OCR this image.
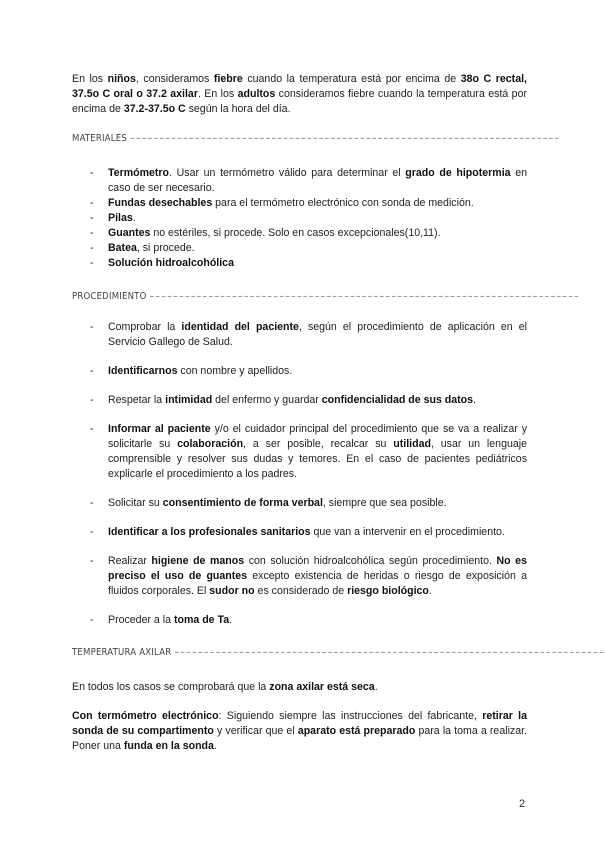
En los niños, consideramos fiebre cuando la temperatura está por encima de 38o C rectal, 37.5o C oral o 37.2 axilar. En los adultos consideramos fiebre cuando la temperatura está por encima de 37.2-37.5o C según la hora del día.

MATERIALES –––––––––––––––––––––––––––––––––––––––––––––––––––––––––––––––––––––––––
- Termómetro. Usar un termómetro válido para determinar el grado de hipotermia en caso de ser necesario.
- Fundas desechables para el termómetro electrónico con sonda de medición.
- Pilas.
- Guantes no estériles, si procede. Solo en casos excepcionales(10,11).
- Batea, si procede.
- Solución hidroalcohólica
PROCEDIMIENTO –––––––––––––––––––––––––––––––––––––––––––––––––––––––––––––––––––––––––
- Comprobar la identidad del paciente, según el procedimiento de aplicación en el Servicio Gallego de Salud.
- Identificarnos con nombre y apellidos.
- Respetar la intimidad del enfermo y guardar confidencialidad de sus datos.
- Informar al paciente y/o el cuidador principal del procedimiento que se va a realizar y solicitarle su colaboración, a ser posible, recalcar su utilidad, usar un lenguaje comprensible y resolver sus dudas y temores. En el caso de pacientes pediátricos explicarle el procedimiento a los padres.
- Solicitar su consentimiento de forma verbal, siempre que sea posible.
- Identificar a los profesionales sanitarios que van a intervenir en el procedimiento.
- Realizar higiene de manos con solución hidroalcohólica según procedimiento. No es preciso el uso de guantes excepto existencia de heridas o riesgo de exposición a fluidos corporales. El sudor no es considerado de riesgo biológico.
- Proceder a la toma de Ta.
TEMPERATURA AXILAR –––––––––––––––––––––––––––––––––––––––––––––––––––––––––––––––––––––––––

En todos los casos se comprobará que la zona axilar está seca.

Con termómetro electrónico: Siguiendo siempre las instrucciones del fabricante, retirar la sonda de su compartimento y verificar que el aparato está preparado para la toma a realizar. Poner una funda en la sonda.

2
